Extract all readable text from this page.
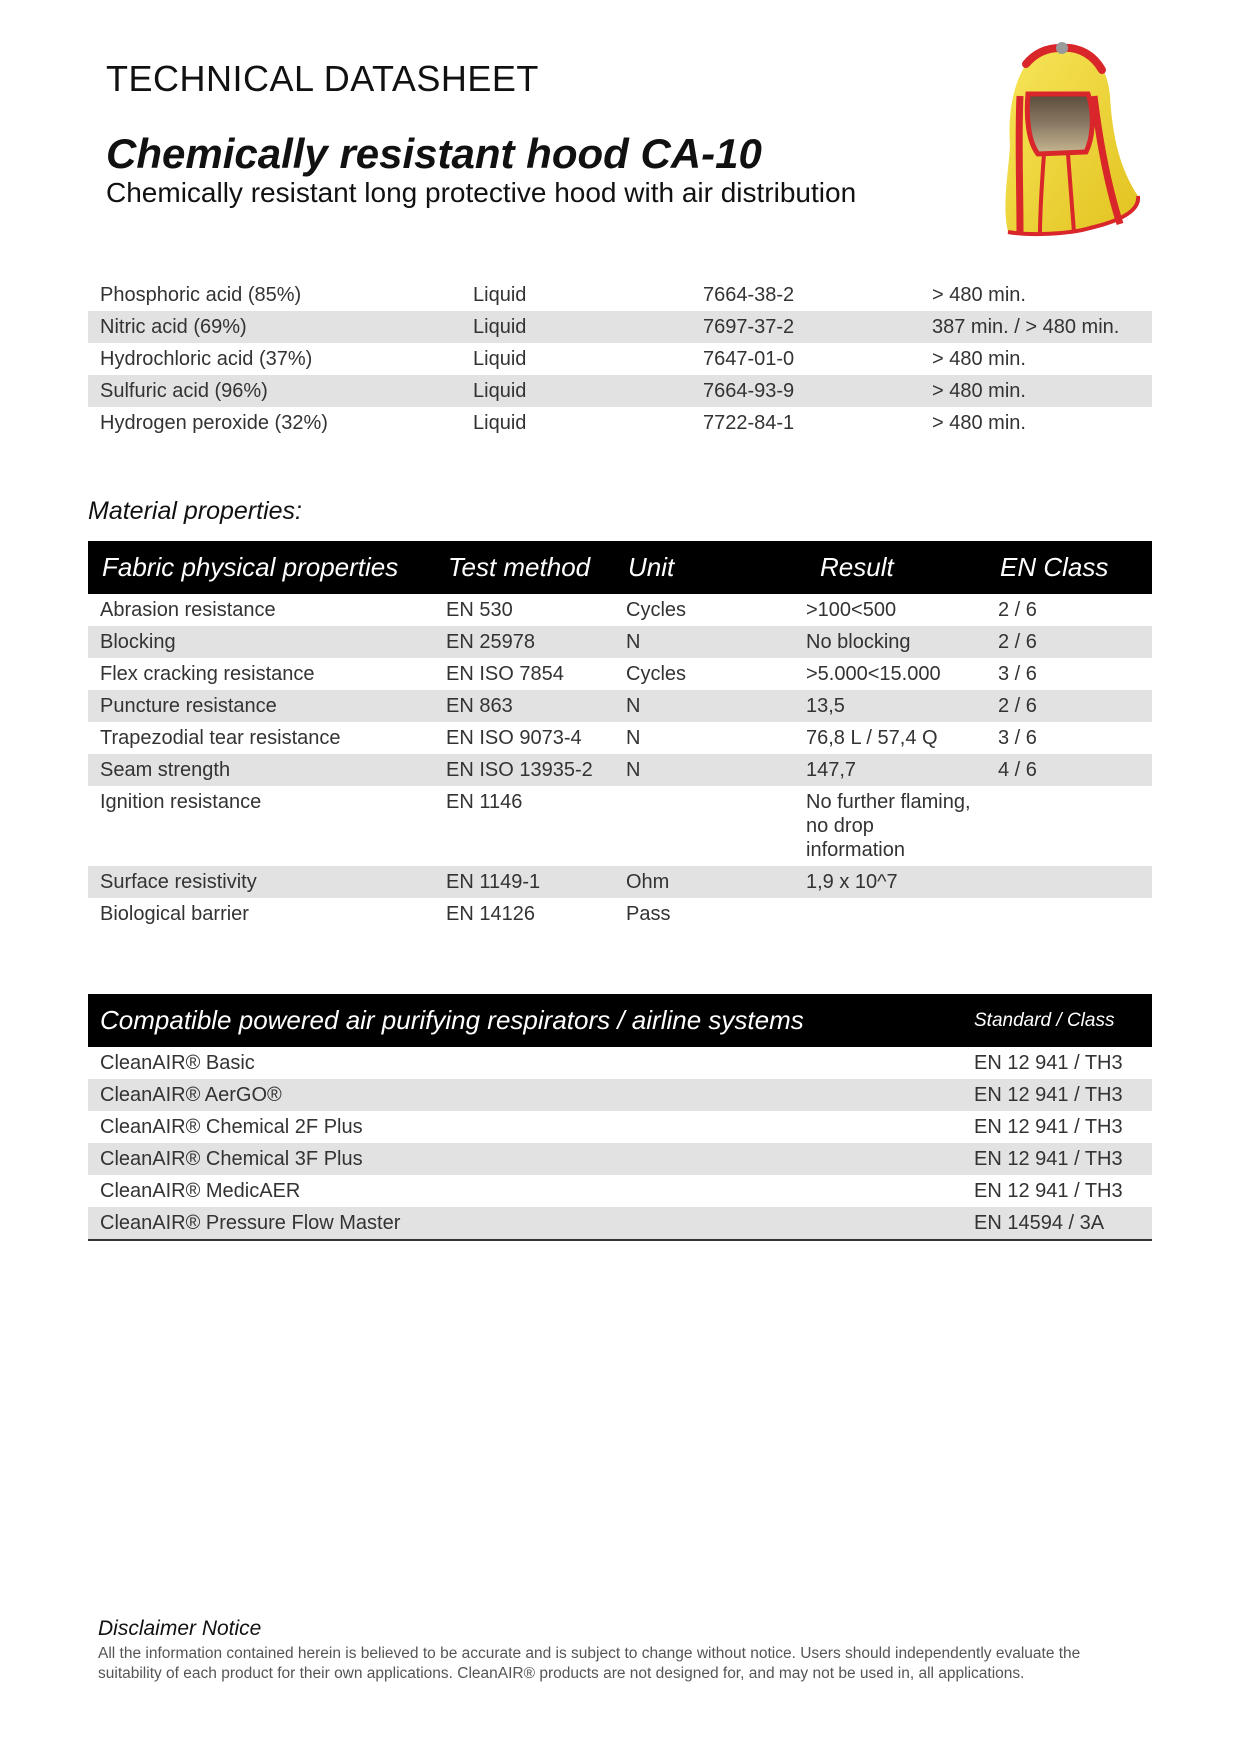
TECHNICAL DATASHEET
Chemically resistant hood CA-10
Chemically resistant long protective hood with air distribution
Phosphoric acid (85%)	Liquid	7664-38-2	> 480 min.
Nitric acid (69%)	Liquid	7697-37-2	387 min. / > 480 min.
Hydrochloric acid (37%)	Liquid	7647-01-0	> 480 min.
Sulfuric acid (96%)	Liquid	7664-93-9	> 480 min.
Hydrogen peroxide (32%)	Liquid	7722-84-1	> 480 min.
Material properties:
Fabric physical properties	Test method	Unit	Result	EN Class
Abrasion resistance	EN 530	Cycles	>100<500	2 / 6
Blocking	EN 25978	N	No blocking	2 / 6
Flex cracking resistance	EN ISO 7854	Cycles	>5.000<15.000	3 / 6
Puncture resistance	EN 863	N	13,5	2 / 6
Trapezodial tear resistance	EN ISO 9073-4	N	76,8 L / 57,4 Q	3 / 6
Seam strength	EN ISO 13935-2	N	147,7	4 / 6
Ignition resistance	EN 1146		No further flaming, no drop information	
Surface resistivity	EN 1149-1	Ohm	1,9 x 10^7	
Biological barrier	EN 14126	Pass		
Compatible powered air purifying respirators / airline systems	Standard / Class
CleanAIR® Basic	EN 12 941 / TH3
CleanAIR® AerGO®	EN 12 941 / TH3
CleanAIR® Chemical 2F Plus	EN 12 941 / TH3
CleanAIR® Chemical 3F Plus	EN 12 941 / TH3
CleanAIR® MedicAER	EN 12 941 / TH3
CleanAIR® Pressure Flow Master	EN 14594 / 3A
Disclaimer Notice
All the information contained herein is believed to be accurate and is subject to change without notice. Users should independently evaluate the suitability of each product for their own applications. CleanAIR® products are not designed for, and may not be used in, all applications.
